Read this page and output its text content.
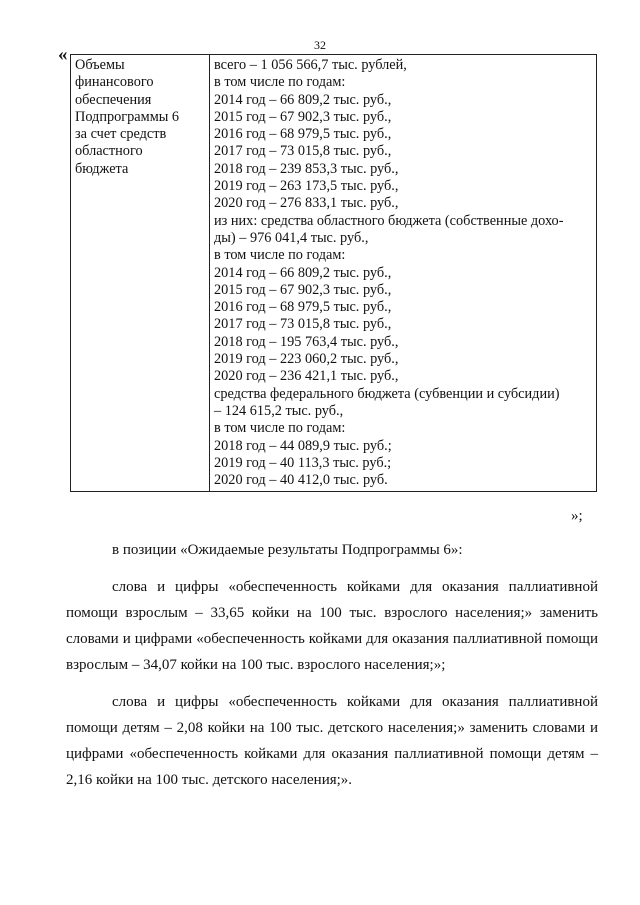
32
« Объемы
финансового
обеспечения
Подпрограммы 6
за счет средств
областного
бюджета

всего – 1 056 566,7 тыс. рублей,
в том числе по годам:
2014 год – 66 809,2 тыс. руб.,
2015 год – 67 902,3 тыс. руб.,
2016 год – 68 979,5 тыс. руб.,
2017 год – 73 015,8 тыс. руб.,
2018 год – 239 853,3 тыс. руб.,
2019 год – 263 173,5 тыс. руб.,
2020 год – 276 833,1 тыс. руб.,
из них: средства областного бюджета (собственные дохо-
ды) – 976 041,4 тыс. руб.,
в том числе по годам:
2014 год – 66 809,2 тыс. руб.,
2015 год – 67 902,3 тыс. руб.,
2016 год – 68 979,5 тыс. руб.,
2017 год – 73 015,8 тыс. руб.,
2018 год – 195 763,4 тыс. руб.,
2019 год – 223 060,2 тыс. руб.,
2020 год – 236 421,1 тыс. руб.,
средства федерального бюджета (субвенции и субсидии)
– 124 615,2 тыс. руб.,
в том числе по годам:
2018 год – 44 089,9 тыс. руб.;
2019 год – 40 113,3 тыс. руб.;
2020 год – 40 412,0 тыс. руб.
»;
в позиции «Ожидаемые результаты Подпрограммы 6»:
слова и цифры «обеспеченность койками для оказания паллиативной помощи взрослым – 33,65 койки на 100 тыс. взрослого населения;» заменить словами и цифрами «обеспеченность койками для оказания паллиативной помощи взрослым – 34,07 койки на 100 тыс. взрослого населения;»;
слова и цифры «обеспеченность койками для оказания паллиативной помощи детям – 2,08 койки на 100 тыс. детского населения;» заменить словами и цифрами «обеспеченность койками для оказания паллиативной помощи детям – 2,16 койки на 100 тыс. детского населения;».
